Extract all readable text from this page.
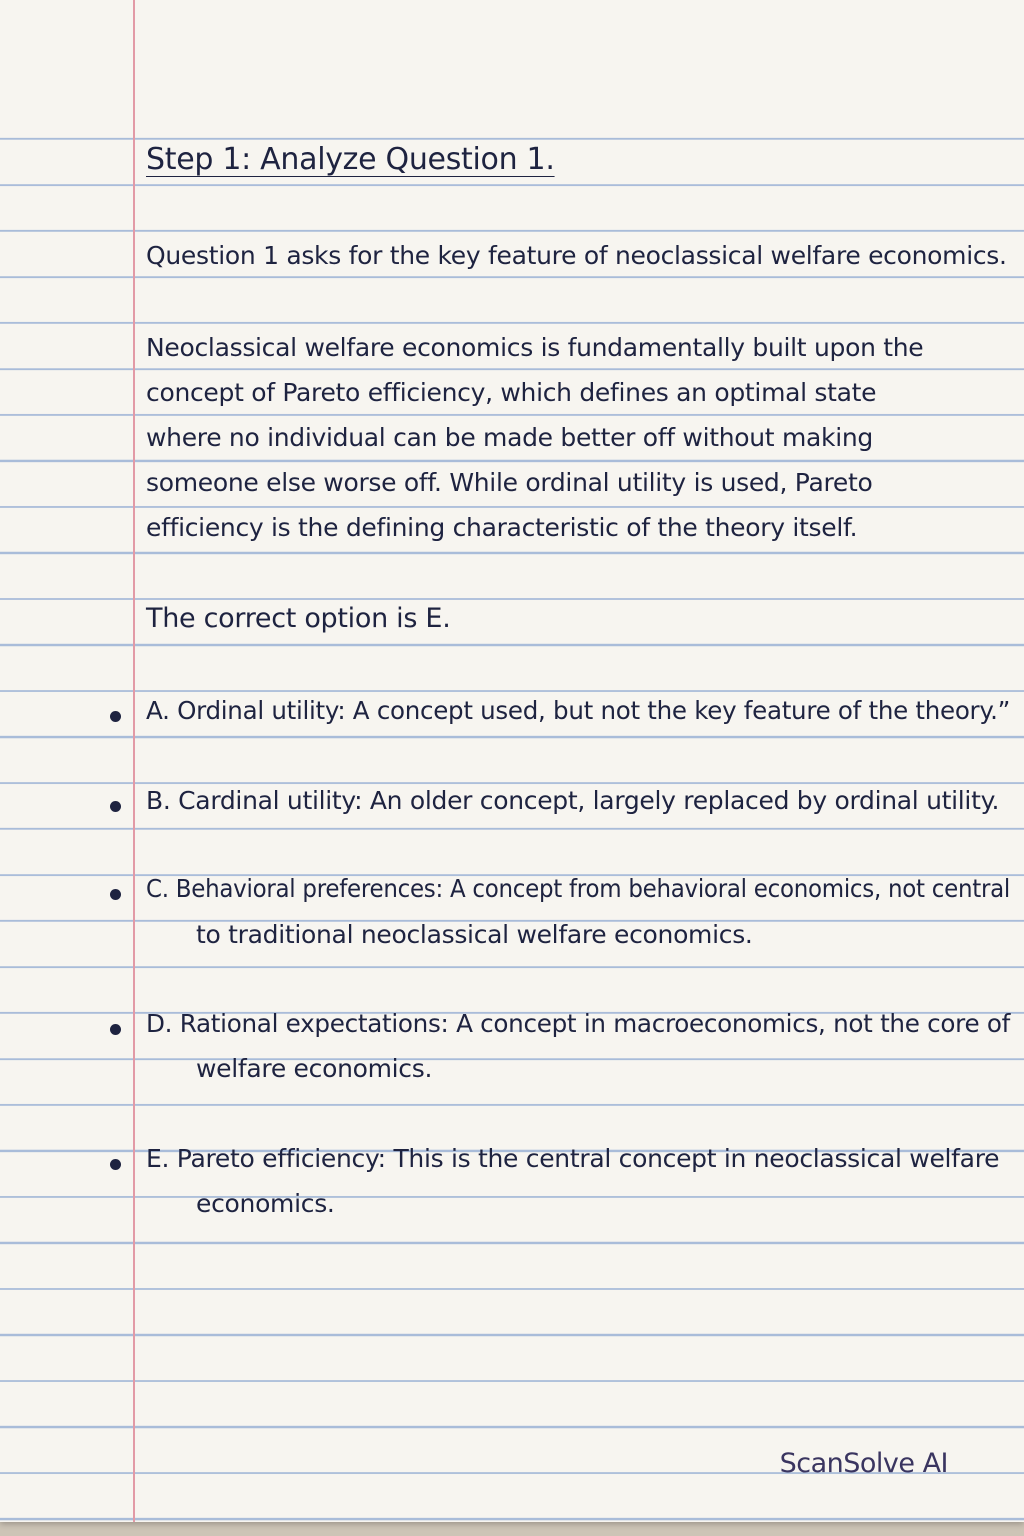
Step 1: Analyze Question 1.
Question 1 asks for the key feature of neoclassical welfare economics.
Neoclassical welfare economics is fundamentally built upon the
concept of Pareto efficiency, which defines an optimal state
where no individual can be made better off without making
someone else worse off. While ordinal utility is used, Pareto
efficiency is the defining characteristic of the theory itself.
The correct option is E.
A. Ordinal utility: A concept used, but not the key feature of the theory.”
B. Cardinal utility: An older concept, largely replaced by ordinal utility.
C. Behavioral preferences: A concept from behavioral economics, not central
to traditional neoclassical welfare economics.
D. Rational expectations: A concept in macroeconomics, not the core of
welfare economics.
E. Pareto efficiency: This is the central concept in neoclassical welfare
economics.
ScanSolve AI
